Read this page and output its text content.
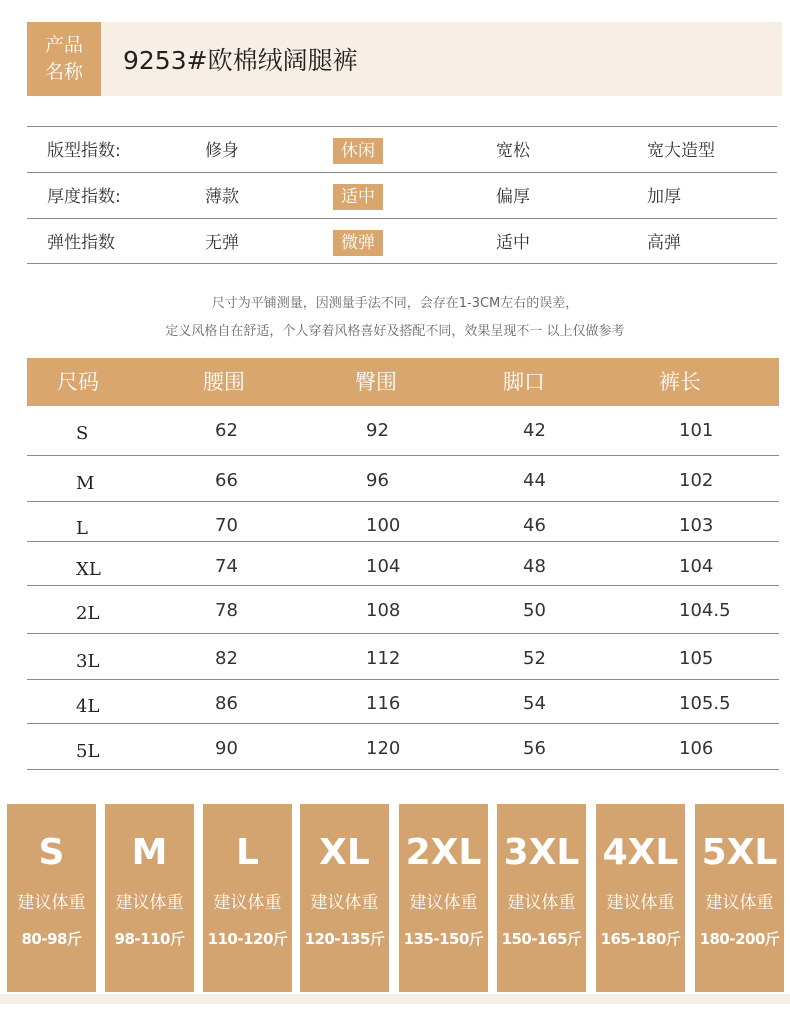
产品
名称	9253#欧棉绒阔腿裤
版型指数:	修身	休闲	宽松	宽大造型
厚度指数:	薄款	适中	偏厚	加厚
弹性指数	无弹	微弹	适中	高弹
尺寸为平铺测量，因测量手法不同，会存在1-3CM左右的误差，
定义风格自在舒适，个人穿着风格喜好及搭配不同，效果呈现不一 以上仅做参考
尺码	腰围	臀围	脚口	裤长
S	62	92	42	101
M	66	96	44	102
L	70	100	46	103
XL	74	104	48	104
2L	78	108	50	104.5
3L	82	112	52	105
4L	86	116	54	105.5
5L	90	120	56	106
S
建议体重
80-98斤
M
建议体重
98-110斤
L
建议体重
110-120斤
XL
建议体重
120-135斤
2XL
建议体重
135-150斤
3XL
建议体重
150-165斤
4XL
建议体重
165-180斤
5XL
建议体重
180-200斤
